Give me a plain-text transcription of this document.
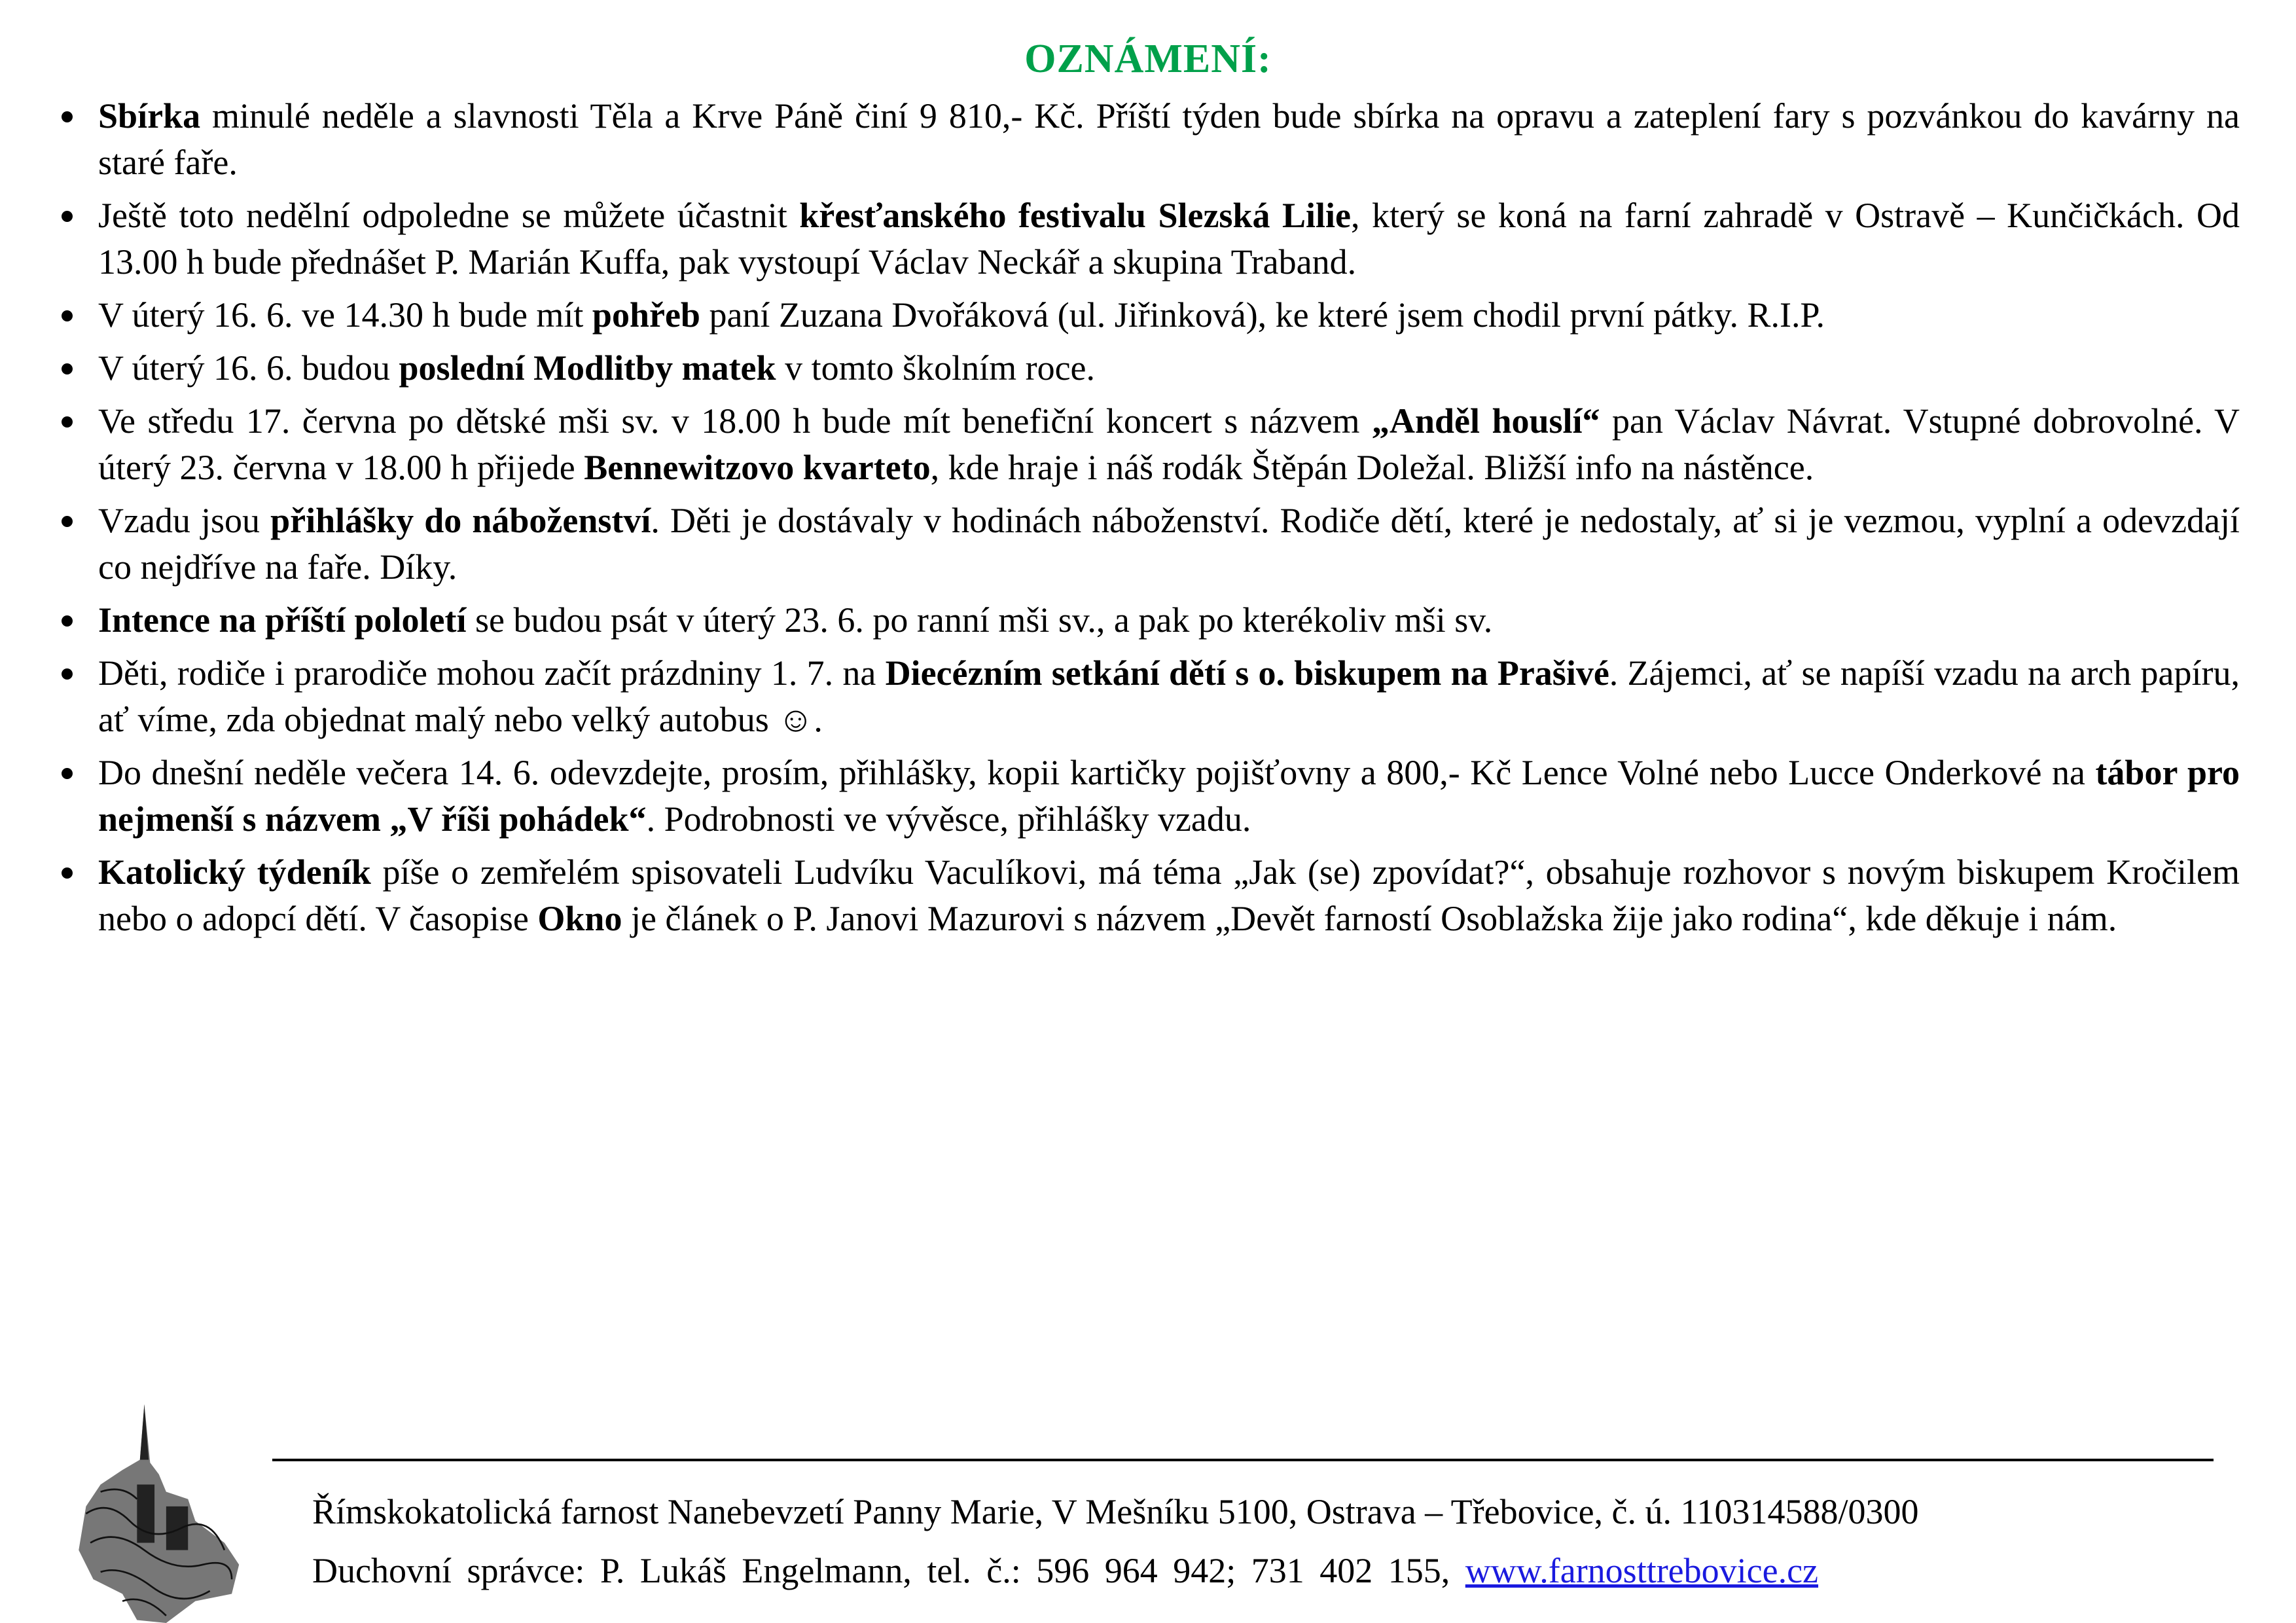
OZNÁMENÍ:
Sbírka minulé neděle a slavnosti Těla a Krve Páně činí 9 810,- Kč. Příští týden bude sbírka na opravu a zateplení fary s pozvánkou do kavárny na staré faře.
Ještě toto nedělní odpoledne se můžete účastnit křesťanského festivalu Slezská Lilie, který se koná na farní zahradě v Ostravě – Kunčičkách. Od 13.00 h bude přednášet P. Marián Kuffa, pak vystoupí Václav Neckář a skupina Traband.
V úterý 16. 6. ve 14.30 h bude mít pohřeb paní Zuzana Dvořáková (ul. Jiřinková), ke které jsem chodil první pátky. R.I.P.
V úterý 16. 6. budou poslední Modlitby matek v tomto školním roce.
Ve středu 17. června po dětské mši sv. v 18.00 h bude mít benefiční koncert s názvem „Anděl houslí“ pan Václav Návrat. Vstupné dobrovolné. V úterý 23. června v 18.00 h přijede Bennewitzovo kvarteto, kde hraje i náš rodák Štěpán Doležal. Bližší info na nástěnce.
Vzadu jsou přihlášky do náboženství. Děti je dostávaly v hodinách náboženství. Rodiče dětí, které je nedostaly, ať si je vezmou, vyplní a odevzdají co nejdříve na faře. Díky.
Intence na příští pololetí se budou psát v úterý 23. 6. po ranní mši sv., a pak po kterékoliv mši sv.
Děti, rodiče i prarodiče mohou začít prázdniny 1. 7. na Diecézním setkání dětí s o. biskupem na Prašivé. Zájemci, ať se napíší vzadu na arch papíru, ať víme, zda objednat malý nebo velký autobus ☺.
Do dnešní neděle večera 14. 6. odevzdejte, prosím, přihlášky, kopii kartičky pojišťovny a 800,- Kč Lence Volné nebo Lucce Onderkové na tábor pro nejmenší s názvem „V říši pohádek“. Podrobnosti ve vývěsce, přihlášky vzadu.
Katolický týdeník píše o zemřelém spisovateli Ludvíku Vaculíkovi, má téma „Jak (se) zpovídat?“, obsahuje rozhovor s novým biskupem Kročilem nebo o adopcí dětí. V časopise Okno je článek o P. Janovi Mazurovi s názvem „Devět farností Osoblažska žije jako rodina“, kde děkuje i nám.
Římskokatolická farnost Nanebevzetí Panny Marie, V Mešníku 5100, Ostrava – Třebovice, č. ú. 110314588/0300
Duchovní správce: P. Lukáš Engelmann, tel. č.: 596 964 942; 731 402 155, www.farnosttrebovice.cz
